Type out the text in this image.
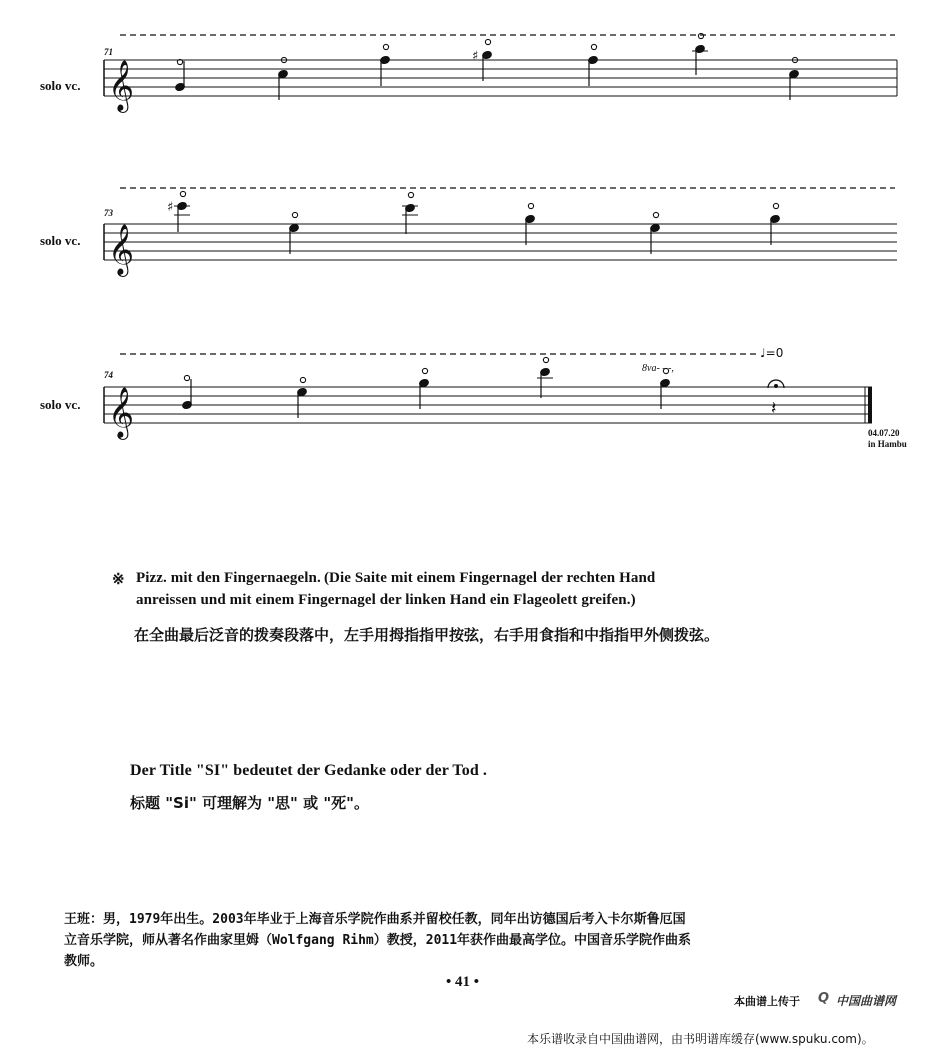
𝄞
𝄞
𝄞
♯
♯
𝄽
solo vc.
71
solo vc.
73
solo vc.
74
♩=0
8va- - -,
04.07.20
in Hambu
※ Pizz. mit den Fingernaegeln. (Die Saite mit einem Fingernagel der rechten Hand
anreissen und mit einem Fingernagel der linken Hand ein Flageolett greifen.)
在全曲最后泛音的拨奏段落中，左手用拇指指甲按弦，右手用食指和中指指甲外侧拨弦。
Der Title "SI" bedeutet der Gedanke oder der Tod .
标题 "Si" 可理解为 "思" 或 "死"。
王班：男，1979年出生。2003年毕业于上海音乐学院作曲系并留校任教，同年出访德国后考入卡尔斯鲁厄国
立音乐学院，师从著名作曲家里姆（Wolfgang Rihm）教授，2011年获作曲最高学位。中国音乐学院作曲系
教师。
• 41 •
本曲谱上传于 Q 中国曲谱网
本乐谱收录自中国曲谱网，由书明谱库缓存(www.spuku.com)。
